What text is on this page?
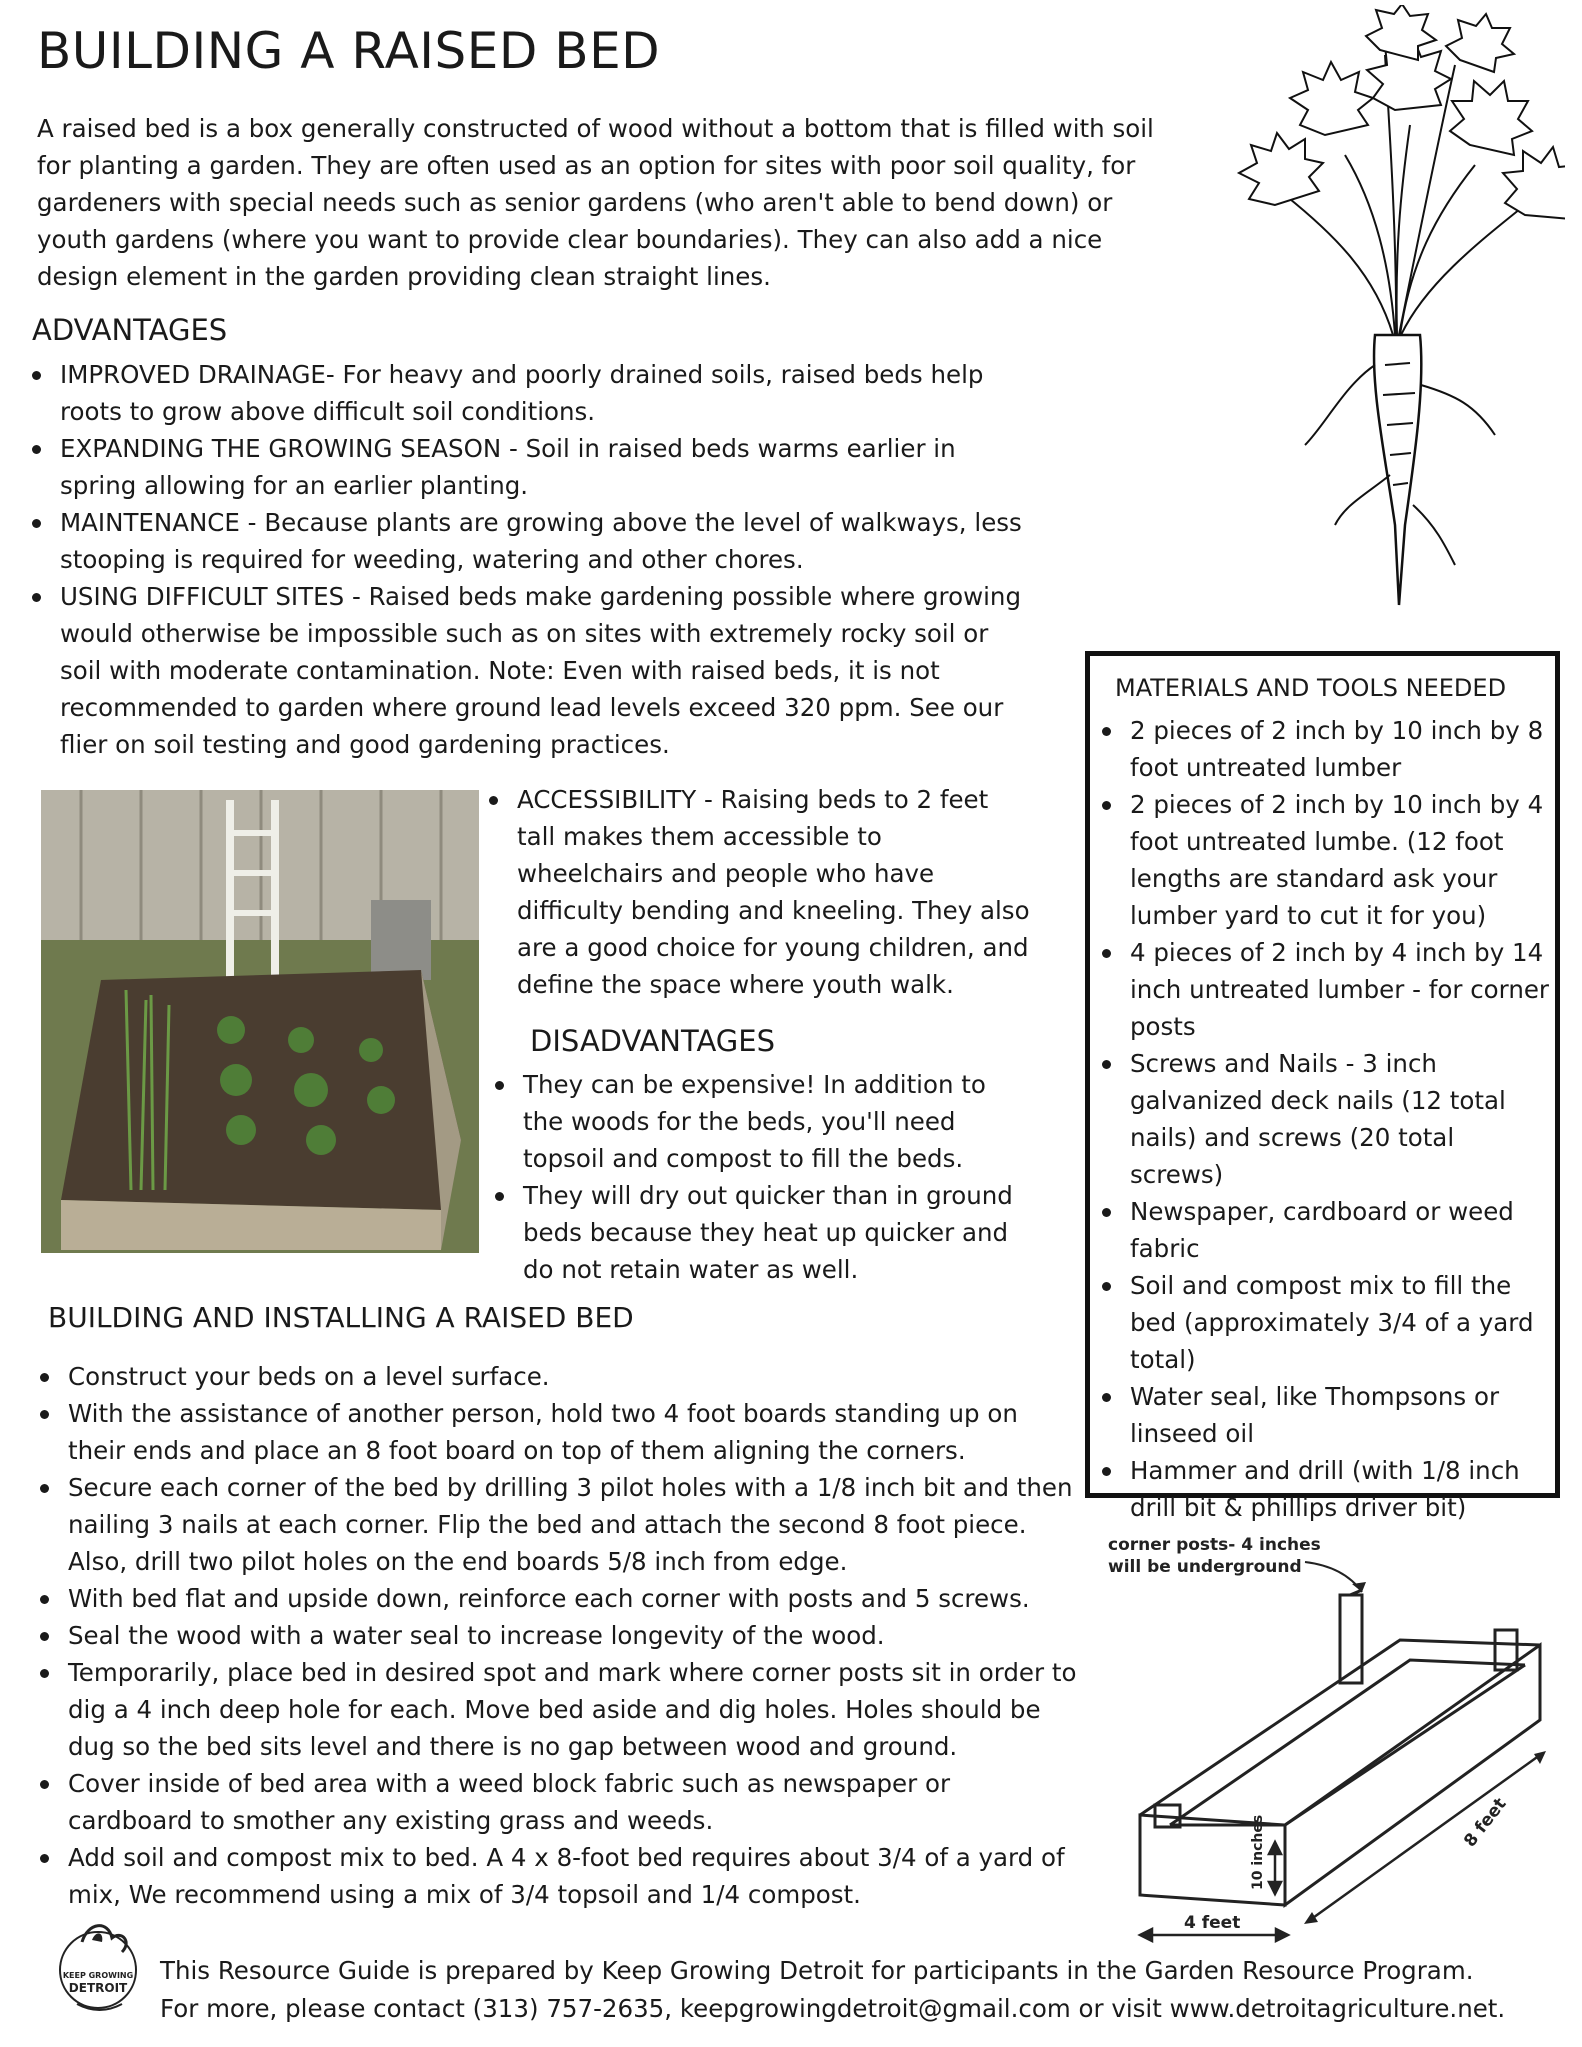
BUILDING A RAISED BED

A raised bed is a box generally constructed of wood without a bottom that is filled with soil for planting a garden. They are often used as an option for sites with poor soil quality, for gardeners with special needs such as senior gardens (who aren't able to bend down) or youth gardens (where you want to provide clear boundaries). They can also add a nice design element in the garden providing clean straight lines.

ADVANTAGES
IMPROVED DRAINAGE- For heavy and poorly drained soils, raised beds help roots to grow above difficult soil conditions.
EXPANDING THE GROWING SEASON - Soil in raised beds warms earlier in spring allowing for an earlier planting.
MAINTENANCE - Because plants are growing above the level of walkways, less stooping is required for weeding, watering and other chores.
USING DIFFICULT SITES - Raised beds make gardening possible where growing would otherwise be impossible such as on sites with extremely rocky soil or soil with moderate contamination. Note: Even with raised beds, it is not recommended to garden where ground lead levels exceed 320 ppm. See our flier on soil testing and good gardening practices.
ACCESSIBILITY - Raising beds to 2 feet tall makes them accessible to wheelchairs and people who have difficulty bending and kneeling. They also are a good choice for young children, and define the space where youth walk.
DISADVANTAGES
They can be expensive! In addition to the woods for the beds, you'll need topsoil and compost to fill the beds.
They will dry out quicker than in ground beds because they heat up quicker and do not retain water as well.
MATERIALS AND TOOLS NEEDED
2 pieces of 2 inch by 10 inch by 8 foot untreated lumber
2 pieces of 2 inch by 10 inch by 4 foot untreated lumbe. (12 foot lengths are standard ask your lumber yard to cut it for you)
4 pieces of 2 inch by 4 inch by 14 inch untreated lumber - for corner posts
Screws and Nails - 3 inch galvanized deck nails (12 total nails) and screws (20 total screws)
Newspaper, cardboard or weed fabric
Soil and compost mix to fill the bed (approximately 3/4 of a yard total)
Water seal, like Thompsons or linseed oil
Hammer and drill (with 1/8 inch drill bit & phillips driver bit)
BUILDING AND INSTALLING A RAISED BED
Construct your beds on a level surface.
With the assistance of another person, hold two 4 foot boards standing up on their ends and place an 8 foot board on top of them aligning the corners.
Secure each corner of the bed by drilling 3 pilot holes with a 1/8 inch bit and then nailing 3 nails at each corner. Flip the bed and attach the second 8 foot piece. Also, drill two pilot holes on the end boards 5/8 inch from edge.
With bed flat and upside down, reinforce each corner with posts and 5 screws.
Seal the wood with a water seal to increase longevity of the wood.
Temporarily, place bed in desired spot and mark where corner posts sit in order to dig a 4 inch deep hole for each. Move bed aside and dig holes. Holes should be dug so the bed sits level and there is no gap between wood and ground.
Cover inside of bed area with a weed block fabric such as newspaper or cardboard to smother any existing grass and weeds.
Add soil and compost mix to bed. A 4 x 8-foot bed requires about 3/4 of a yard of mix, We recommend using a mix of 3/4 topsoil and 1/4 compost.
corner posts- 4 inches
will be underground
10 inches
4 feet
8 feet
KEEP GROWING
DETROIT
This Resource Guide is prepared by Keep Growing Detroit for participants in the Garden Resource Program.
For more, please contact (313) 757-2635, keepgrowingdetroit@gmail.com or visit www.detroitagriculture.net.
